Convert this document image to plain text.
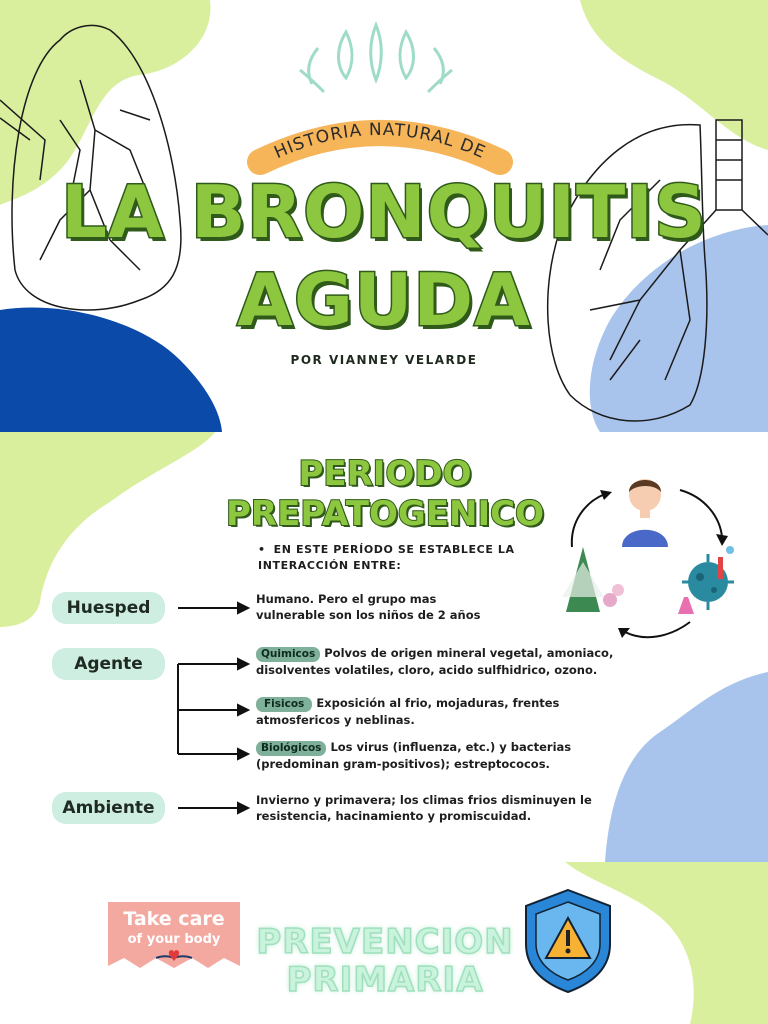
HISTORIA NATURAL DE
LA BRONQUITIS
AGUDA
POR VIANNEY VELARDE
PERIODO
PREPATOGENICO
• EN ESTE PERÍODO SE ESTABLECE LA INTERACCIÓN ENTRE:
Huesped	Humano. Pero el grupo mas vulnerable son los niños de 2 años
Agente	Quimicos Polvos de origen mineral vegetal, amoniaco, disolventes volatiles, cloro, acido sulfhidrico, ozono.
Fisicos Exposición al frio, mojaduras, frentes atmosfericos y neblinas.
Biológicos Los virus (influenza, etc.) y bacterias (predominan gram-positivos); estreptococos.
Ambiente	Invierno y primavera; los climas frios disminuyen le resistencia, hacinamiento y promiscuidad.
Take care
of your body	PREVENCION
PRIMARIA
